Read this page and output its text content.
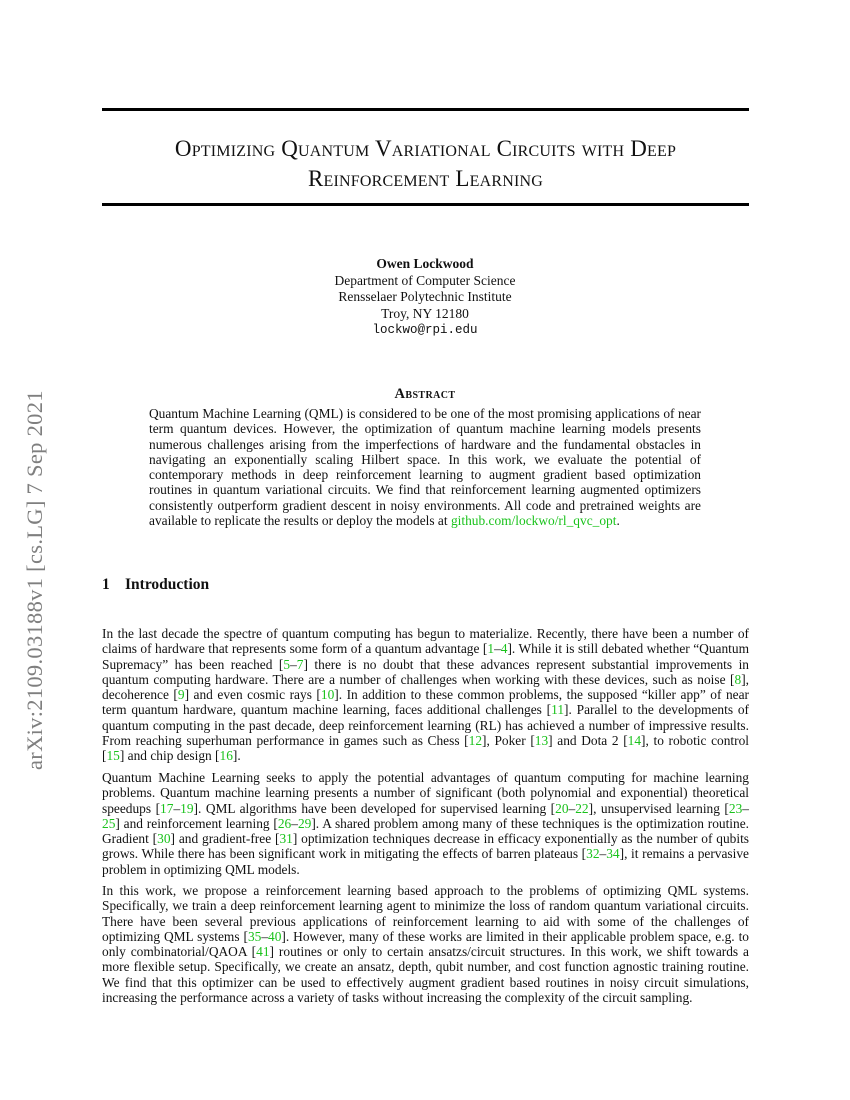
arXiv:2109.03188v1 [cs.LG] 7 Sep 2021
Optimizing Quantum Variational Circuits with Deep
Reinforcement Learning
Owen Lockwood
Department of Computer Science
Rensselaer Polytechnic Institute
Troy, NY 12180
lockwo@rpi.edu
Abstract
Quantum Machine Learning (QML) is considered to be one of the most promising applications of near term quantum devices. However, the optimization of quantum machine learning models presents numerous challenges arising from the imperfections of hardware and the fundamental obstacles in navigating an exponentially scaling Hilbert space. In this work, we evaluate the potential of contemporary methods in deep reinforcement learning to augment gradient based optimization routines in quantum variational circuits. We find that reinforcement learning augmented optimizers consistently outperform gradient descent in noisy environments. All code and pretrained weights are available to replicate the results or deploy the models at github.com/lockwo/rl_qvc_opt.
1 Introduction

In the last decade the spectre of quantum computing has begun to materialize. Recently, there have been a number of claims of hardware that represents some form of a quantum advantage [1–4]. While it is still debated whether “Quantum Supremacy” has been reached [5–7] there is no doubt that these advances represent substantial improvements in quantum computing hardware. There are a number of challenges when working with these devices, such as noise [8], decoherence [9] and even cosmic rays [10]. In addition to these common problems, the supposed “killer app” of near term quantum hardware, quantum machine learning, faces additional challenges [11]. Parallel to the developments of quantum computing in the past decade, deep reinforcement learning (RL) has achieved a number of impressive results. From reaching superhuman performance in games such as Chess [12], Poker [13] and Dota 2 [14], to robotic control [15] and chip design [16].

Quantum Machine Learning seeks to apply the potential advantages of quantum computing for machine learning problems. Quantum machine learning presents a number of significant (both polynomial and exponential) theoretical speedups [17–19]. QML algorithms have been developed for supervised learning [20–22], unsupervised learning [23–25] and reinforcement learning [26–29]. A shared problem among many of these techniques is the optimization routine. Gradient [30] and gradient-free [31] optimization techniques decrease in efficacy exponentially as the number of qubits grows. While there has been significant work in mitigating the effects of barren plateaus [32–34], it remains a pervasive problem in optimizing QML models.

In this work, we propose a reinforcement learning based approach to the problems of optimizing QML systems. Specifically, we train a deep reinforcement learning agent to minimize the loss of random quantum variational circuits. There have been several previous applications of reinforcement learning to aid with some of the challenges of optimizing QML systems [35–40]. However, many of these works are limited in their applicable problem space, e.g. to only combinatorial/QAOA [41] routines or only to certain ansatzs/circuit structures. In this work, we shift towards a more flexible setup. Specifically, we create an ansatz, depth, qubit number, and cost function agnostic training routine. We find that this optimizer can be used to effectively augment gradient based routines in noisy circuit simulations, increasing the performance across a variety of tasks without increasing the complexity of the circuit sampling.
